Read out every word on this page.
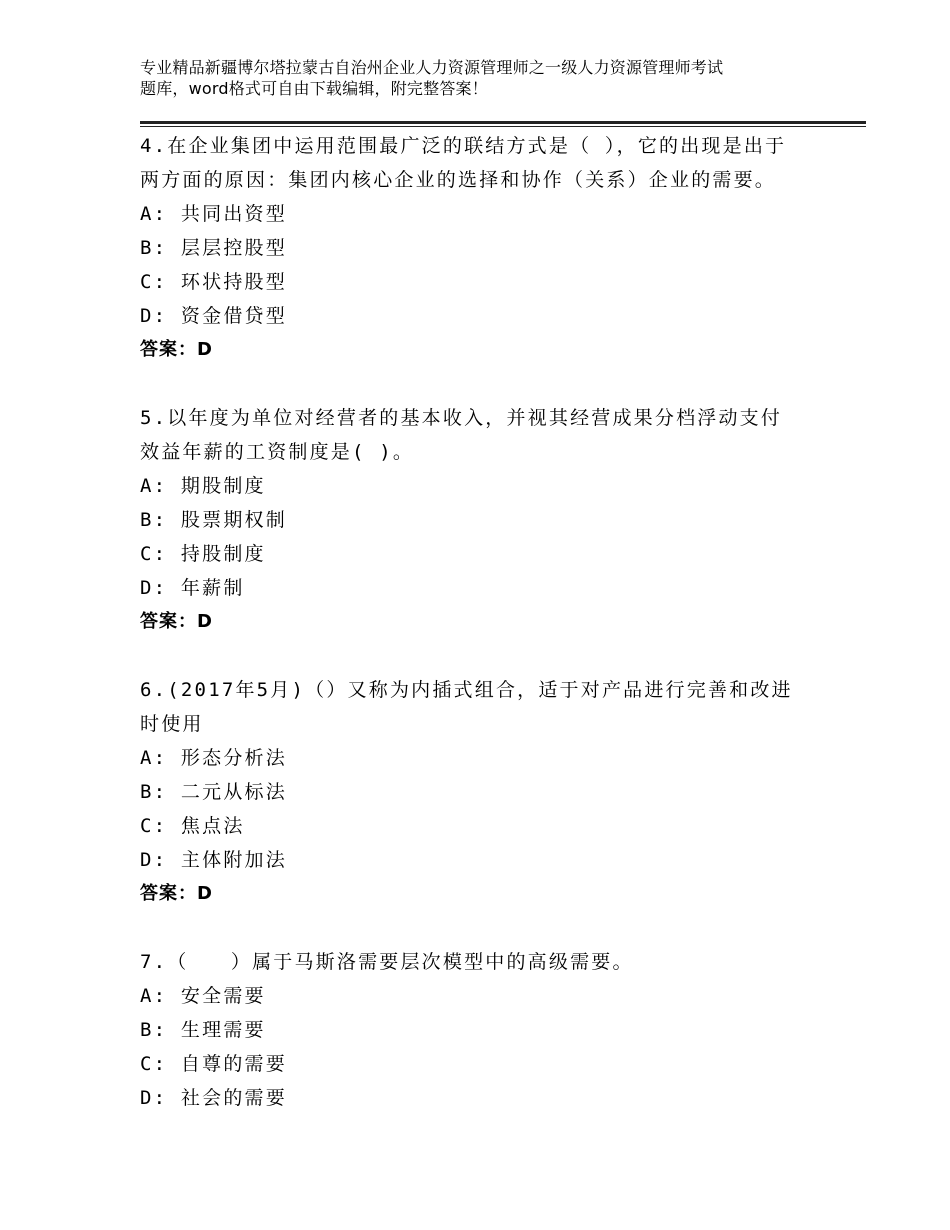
专业精品新疆博尔塔拉蒙古自治州企业人力资源管理师之一级人力资源管理师考试
题库，word格式可自由下载编辑，附完整答案！
4.在企业集团中运用范围最广泛的联结方式是（ ），它的出现是出于
两方面的原因：集团内核心企业的选择和协作（关系）企业的需要。
A: 共同出资型
B: 层层控股型
C: 环状持股型
D: 资金借贷型
答案：D
5.以年度为单位对经营者的基本收入，并视其经营成果分档浮动支付
效益年薪的工资制度是( )。
A: 期股制度
B: 股票期权制
C: 持股制度
D: 年薪制
答案：D
6.(2017年5月)（）又称为内插式组合，适于对产品进行完善和改进
时使用
A: 形态分析法
B: 二元从标法
C: 焦点法
D: 主体附加法
答案：D
7.（　　）属于马斯洛需要层次模型中的高级需要。
A: 安全需要
B: 生理需要
C: 自尊的需要
D: 社会的需要
